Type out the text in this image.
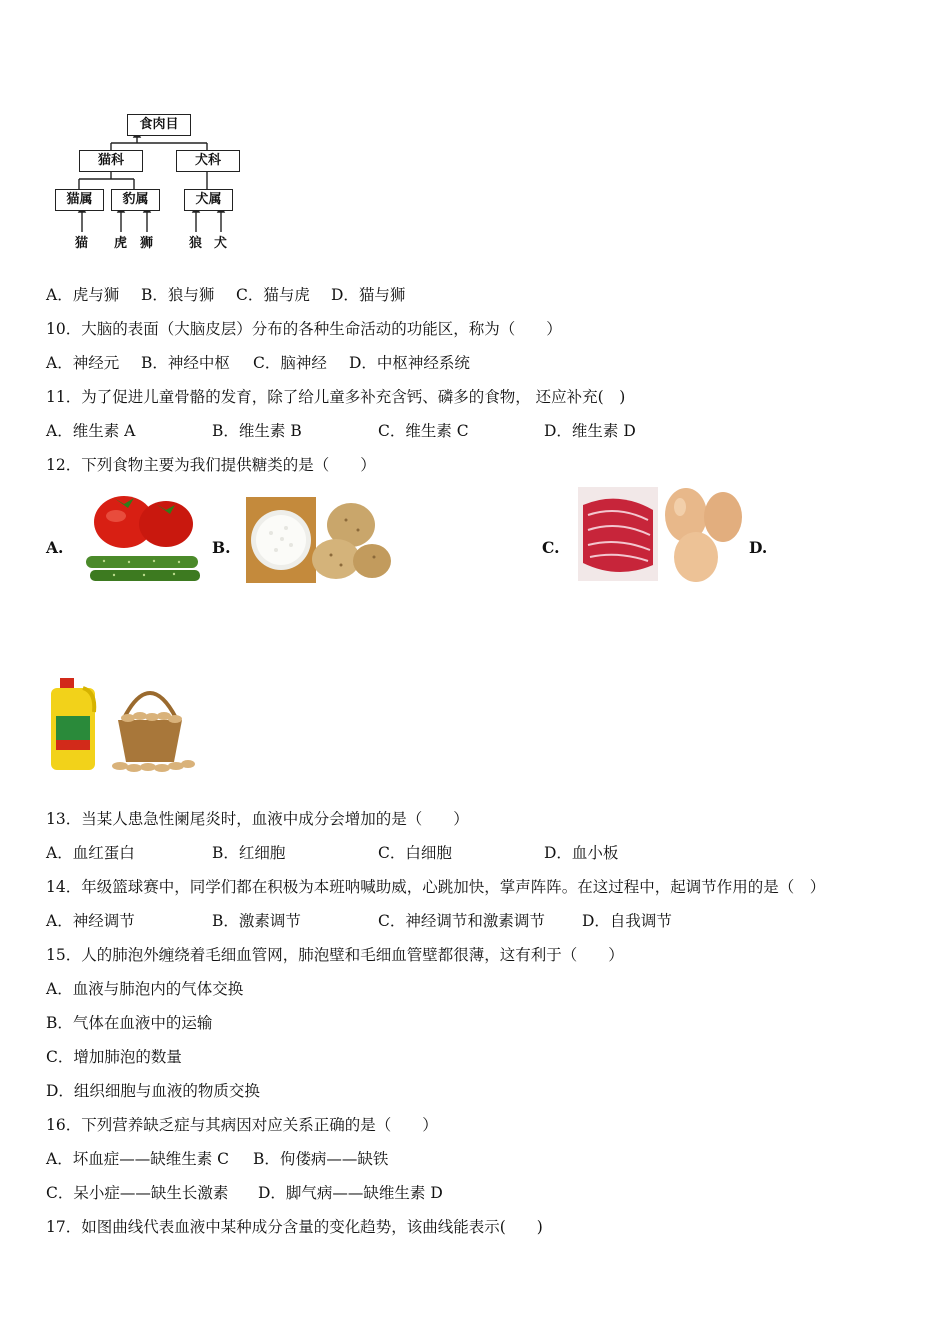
食肉目
猫科	犬科
猫属	豹属	犬属
猫 虎 狮	狼 犬
A．虎与狮 B．狼与狮 C．猫与虎 D．猫与狮
10．大脑的表面（大脑皮层）分布的各种生命活动的功能区，称为（　　）
A．神经元 B．神经中枢 C．脑神经 D．中枢神经系统
11．为了促进儿童骨骼的发育，除了给儿童多补充含钙、磷多的食物， 还应补充(　)
A．维生素 A	B．维生素 B	C．维生素 C	D．维生素 D
12．下列食物主要为我们提供糖类的是（　　）
A.	B.	C.	D.
13．当某人患急性阑尾炎时，血液中成分会增加的是（　　）
A．血红蛋白	B．红细胞	C．白细胞	D．血小板
14．年级篮球赛中，同学们都在积极为本班呐喊助威，心跳加快，掌声阵阵。在这过程中，起调节作用的是（　）
A．神经调节	B．激素调节	C．神经调节和激素调节 D．自我调节
15．人的肺泡外缠绕着毛细血管网，肺泡壁和毛细血管壁都很薄，这有利于（　　）
A．血液与肺泡内的气体交换
B．气体在血液中的运输
C．增加肺泡的数量
D．组织细胞与血液的物质交换
16．下列营养缺乏症与其病因对应关系正确的是（　　）
A．坏血症——缺维生素 C B．佝偻病——缺铁
C．呆小症——缺生长激素 D．脚气病——缺维生素 D
17．如图曲线代表血液中某种成分含量的变化趋势，该曲线能表示(　　)
